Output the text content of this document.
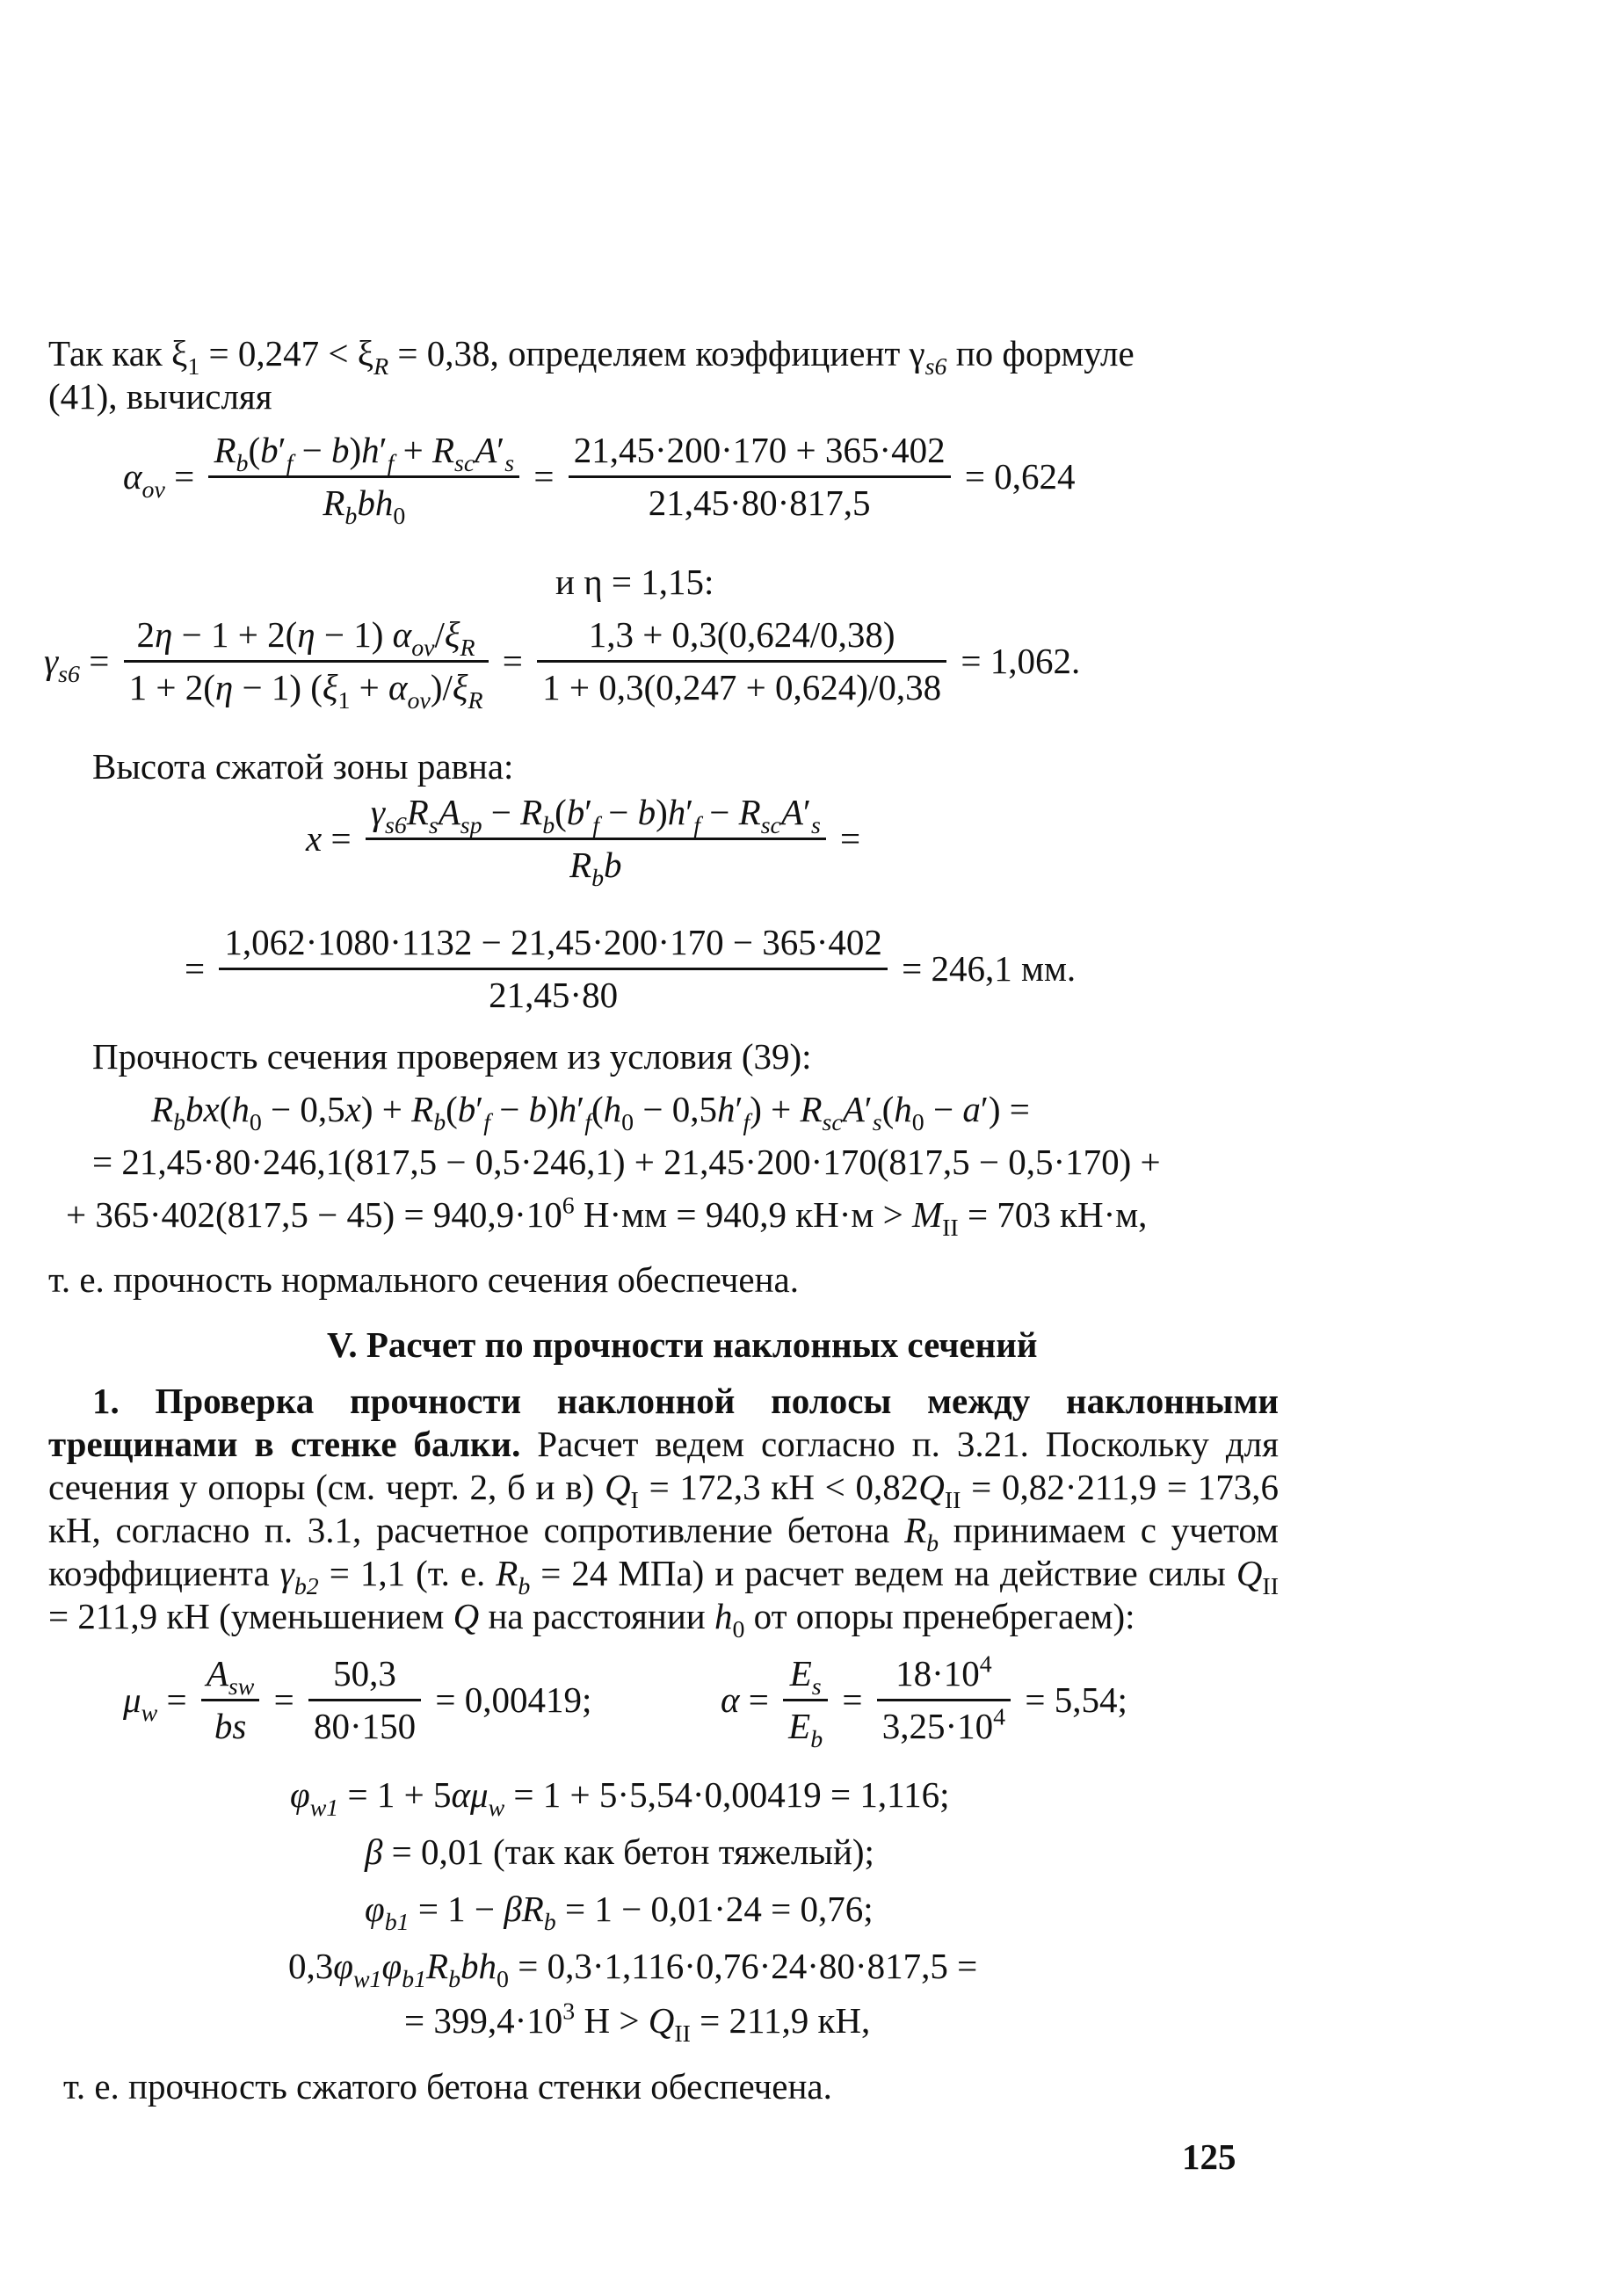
Так как $\xi_1 = 0,247 < \xi_R = 0,38$, определяем коэффициент $\gamma_{s6}$ по формуле
(41), вычисляя
$\alpha_{ov} = \frac{R_b(b'_f - b)h'_f + R_{sc}A'_s}{R_bbh_0} = \frac{21,45\cdot 200\cdot 170 + 365\cdot 402}{21,45\cdot 80\cdot 817,5} = 0,624$
и η = 1,15:
$\gamma_{s6} = \frac{2\eta - 1 + 2(\eta - 1) \alpha_{ov}/\xi_R}{1 + 2(\eta - 1) (\xi_1 + \alpha_{ov})/\xi_R} = \frac{1,3 + 0,3(0,624/0,38)}{1 + 0,3(0,247 + 0,624)/0,38} = 1,062$.
Высота сжатой зоны равна:
$x = \frac{\gamma_{s6}R_sA_{sp} - R_b(b'_f - b)h'_f - R_{sc}A'_s}{R_bb}$ =
= $\frac{1,062\cdot 1080\cdot 1132 - 21,45\cdot 200\cdot 170 - 365\cdot 402}{21,45\cdot 80} = 246,1$ мм.
Прочность сечения проверяем из условия (39):
$R_bbx(h_0 - 0,5x) + R_b(b'_f - b)h'_f(h_0 - 0,5h'_f) + R_{sc}A'_s(h_0 - a')$ =
= 21,45·80·246,1(817,5 − 0,5·246,1) + 21,45·200·170(817,5 − 0,5·170) +
+ $365\cdot 402(817,5 - 45) = 940,9\cdot 10^6$ Н·мм = 940,9 $кН\cdot м > M_{II} = 703$ кН·м,
т. е. прочность нормального сечения обеспечена.
V. Расчет по прочности наклонных сечений
1. Проверка прочности наклонной полосы между наклонными трещинами в стенке балки. Расчет ведем согласно п. 3.21. Поскольку для сечения у опоры (см. черт. 2, б и в) $Q_I = 172,3$ кН < $0,82Q_{II} = 0,82\cdot 211,9 = 173,6$ кН, согласно п. 3.1, расчетное сопротивление бетона $R_b$ принимаем с учетом коэффициента $\gamma_{b2} = 1,1$ (т. е. $R_b = 24$ МПа) и расчет ведем на действие силы $Q_{II} = 211,9$ кН (уменьшением Q на расстоянии $h_0$ от опоры пренебрегаем):
$\mu_w = \frac{A_{sw}}{bs} = \frac{50,3}{80\cdot 150} = 0,00419$;	$\alpha = \frac{E_s}{E_b} = \frac{18\cdot 10^4}{3,25\cdot 10^4} = 5,54$;
$\varphi_{w1} = 1 + 5\alpha\mu_w = 1 + 5\cdot 5,54\cdot 0,00419 = 1,116$;
β = 0,01 (так как бетон тяжелый);
$\varphi_{b1} = 1 - \beta R_b = 1 - 0,01\cdot 24 = 0,76$;
$0,3\varphi_{w1}\varphi_{b1}R_bbh_0 = 0,3\cdot 1,116\cdot 0,76\cdot 24\cdot 80\cdot 817,5$ =
= $399,4\cdot 10^3$ $Н > Q_{II} = 211,9$ кН,
т. е. прочность сжатого бетона стенки обеспечена.
125
